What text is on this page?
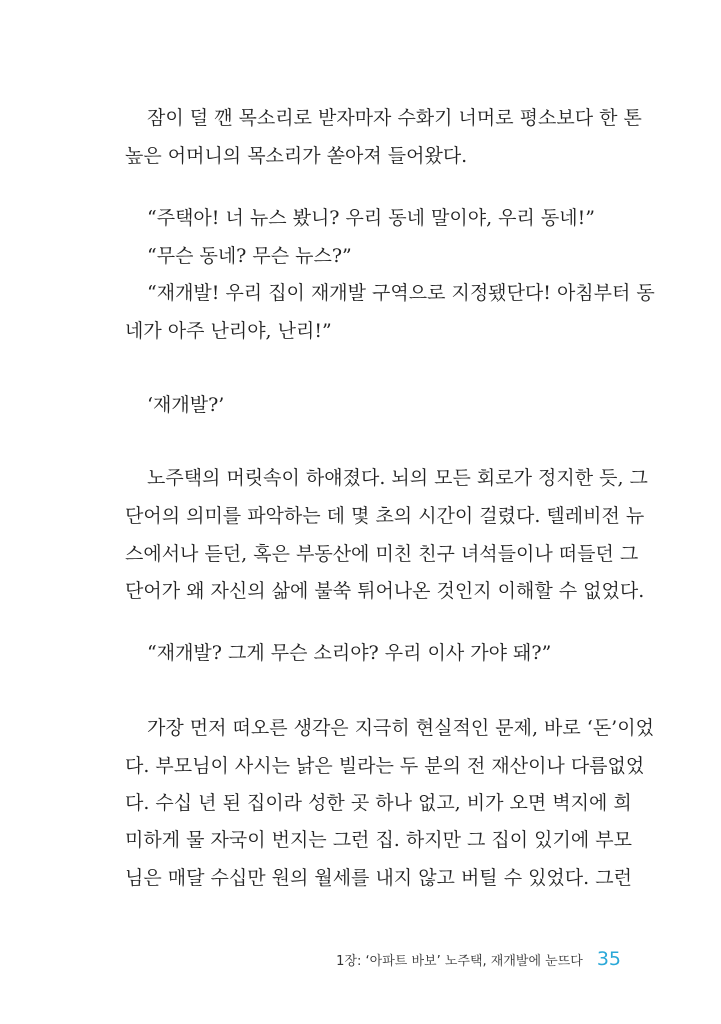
잠이 덜 깬 목소리로 받자마자 수화기 너머로 평소보다 한 톤
높은 어머니의 목소리가 쏟아져 들어왔다.
“주택아! 너 뉴스 봤니? 우리 동네 말이야, 우리 동네!”
“무슨 동네? 무슨 뉴스?”
“재개발! 우리 집이 재개발 구역으로 지정됐단다! 아침부터 동
네가 아주 난리야, 난리!”
‘재개발?’
노주택의 머릿속이 하얘졌다. 뇌의 모든 회로가 정지한 듯, 그
단어의 의미를 파악하는 데 몇 초의 시간이 걸렸다. 텔레비전 뉴
스에서나 듣던, 혹은 부동산에 미친 친구 녀석들이나 떠들던 그
단어가 왜 자신의 삶에 불쑥 튀어나온 것인지 이해할 수 없었다.
“재개발? 그게 무슨 소리야? 우리 이사 가야 돼?”
가장 먼저 떠오른 생각은 지극히 현실적인 문제, 바로 ‘돈’이었
다. 부모님이 사시는 낡은 빌라는 두 분의 전 재산이나 다름없었
다. 수십 년 된 집이라 성한 곳 하나 없고, 비가 오면 벽지에 희
미하게 물 자국이 번지는 그런 집. 하지만 그 집이 있기에 부모
님은 매달 수십만 원의 월세를 내지 않고 버틸 수 있었다. 그런
1장: ‘아파트 바보’ 노주택, 재개발에 눈뜨다 35
